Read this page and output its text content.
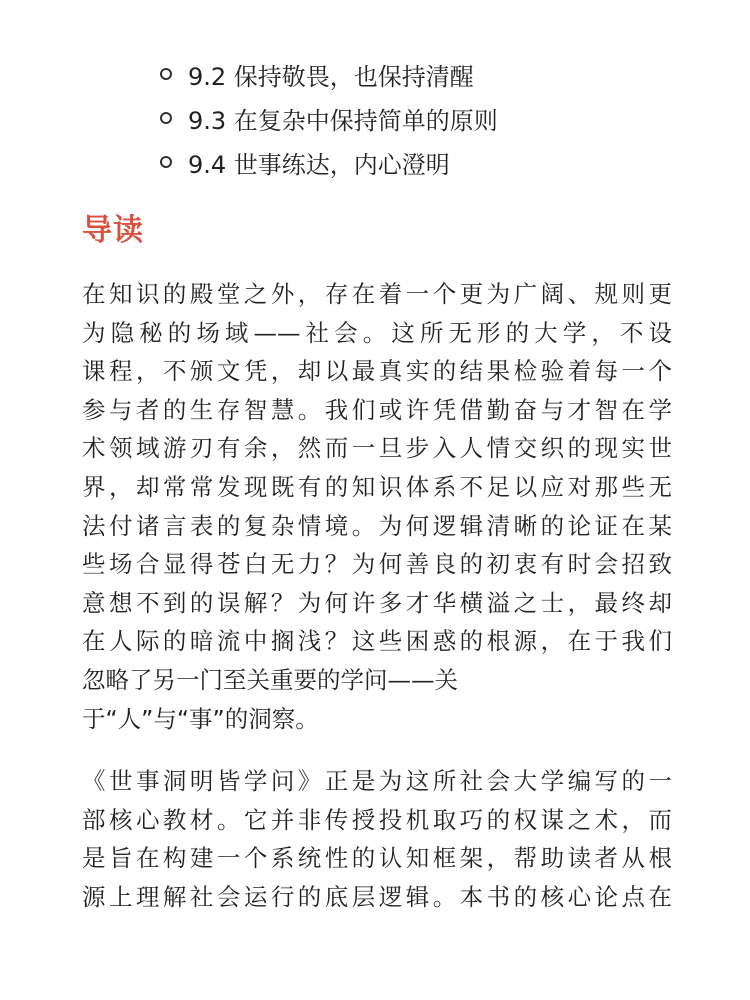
9.2 保持敬畏，也保持清醒
9.3 在复杂中保持简单的原则
9.4 世事练达，内心澄明
导读
在知识的殿堂之外，存在着一个更为广阔、规则更
为隐秘的场域——社会。这所无形的大学，不设
课程，不颁文凭，却以最真实的结果检验着每一个
参与者的生存智慧。我们或许凭借勤奋与才智在学
术领域游刃有余，然而一旦步入人情交织的现实世
界，却常常发现既有的知识体系不足以应对那些无
法付诸言表的复杂情境。为何逻辑清晰的论证在某
些场合显得苍白无力？为何善良的初衷有时会招致
意想不到的误解？为何许多才华横溢之士，最终却
在人际的暗流中搁浅？这些困惑的根源，在于我们
忽略了另一门至关重要的学问——关
于“人”与“事”的洞察。
《世事洞明皆学问》正是为这所社会大学编写的一
部核心教材。它并非传授投机取巧的权谋之术，而
是旨在构建一个系统性的认知框架，帮助读者从根
源上理解社会运行的底层逻辑。本书的核心论点在
